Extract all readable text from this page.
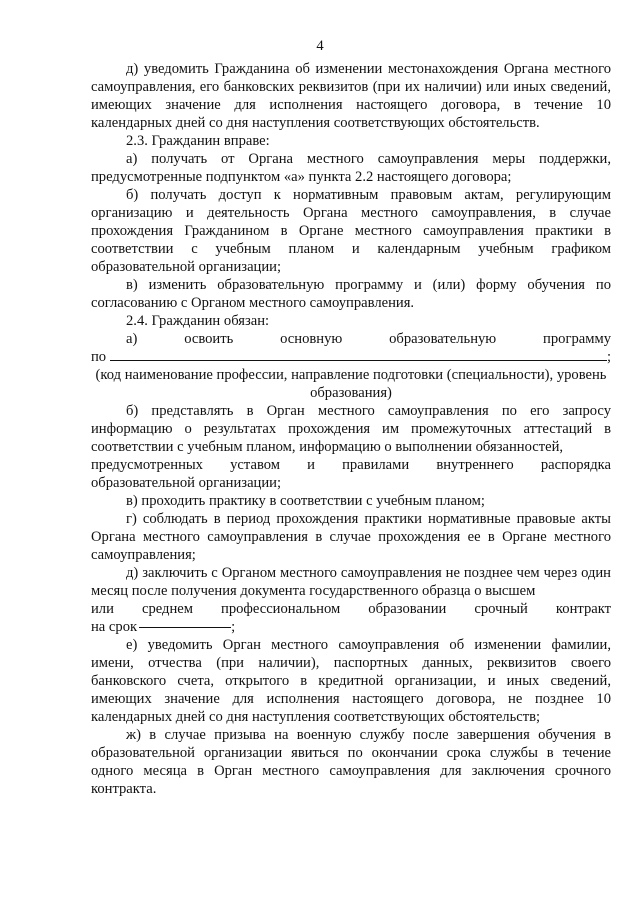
4

д) уведомить Гражданина об изменении местонахождения Органа местного самоуправления, его банковских реквизитов (при их наличии) или иных сведений, имеющих значение для исполнения настоящего договора, в течение 10 календарных дней со дня наступления соответствующих обстоятельств.

2.3. Гражданин вправе:

а) получать от Органа местного самоуправления меры поддержки, предусмотренные подпунктом «а» пункта 2.2 настоящего договора;

б) получать доступ к нормативным правовым актам, регулирующим организацию и деятельность Органа местного самоуправления, в случае прохождения Гражданином в Органе местного самоуправления практики в соответствии с учебным планом и календарным учебным графиком образовательной организации;

в) изменить образовательную программу и (или) форму обучения по согласованию с Органом местного самоуправления.

2.4. Гражданин обязан:

а) освоить основную образовательную программу

по	;

(код наименование профессии, направление подготовки (специальности), уровень образования)

б) представлять в Орган местного самоуправления по его запросу информацию о результатах прохождения им промежуточных аттестаций в соответствии с учебным планом, информацию о выполнении обязанностей,

предусмотренных уставом и правилами внутреннего распорядка

образовательной организации;

в) проходить практику в соответствии с учебным планом;

г) соблюдать в период прохождения практики нормативные правовые акты Органа местного самоуправления в случае прохождения ее в Органе местного самоуправления;

д) заключить с Органом местного самоуправления не позднее чем через один месяц после получения документа государственного образца о высшем

или среднем профессиональном образовании срочный контракт

на срок	;

е) уведомить Орган местного самоуправления об изменении фамилии, имени, отчества (при наличии), паспортных данных, реквизитов своего банковского счета, открытого в кредитной организации, и иных сведений, имеющих значение для исполнения настоящего договора, не позднее 10 календарных дней со дня наступления соответствующих обстоятельств;

ж) в случае призыва на военную службу после завершения обучения в образовательной организации явиться по окончании срока службы в течение одного месяца в Орган местного самоуправления для заключения срочного контракта.
